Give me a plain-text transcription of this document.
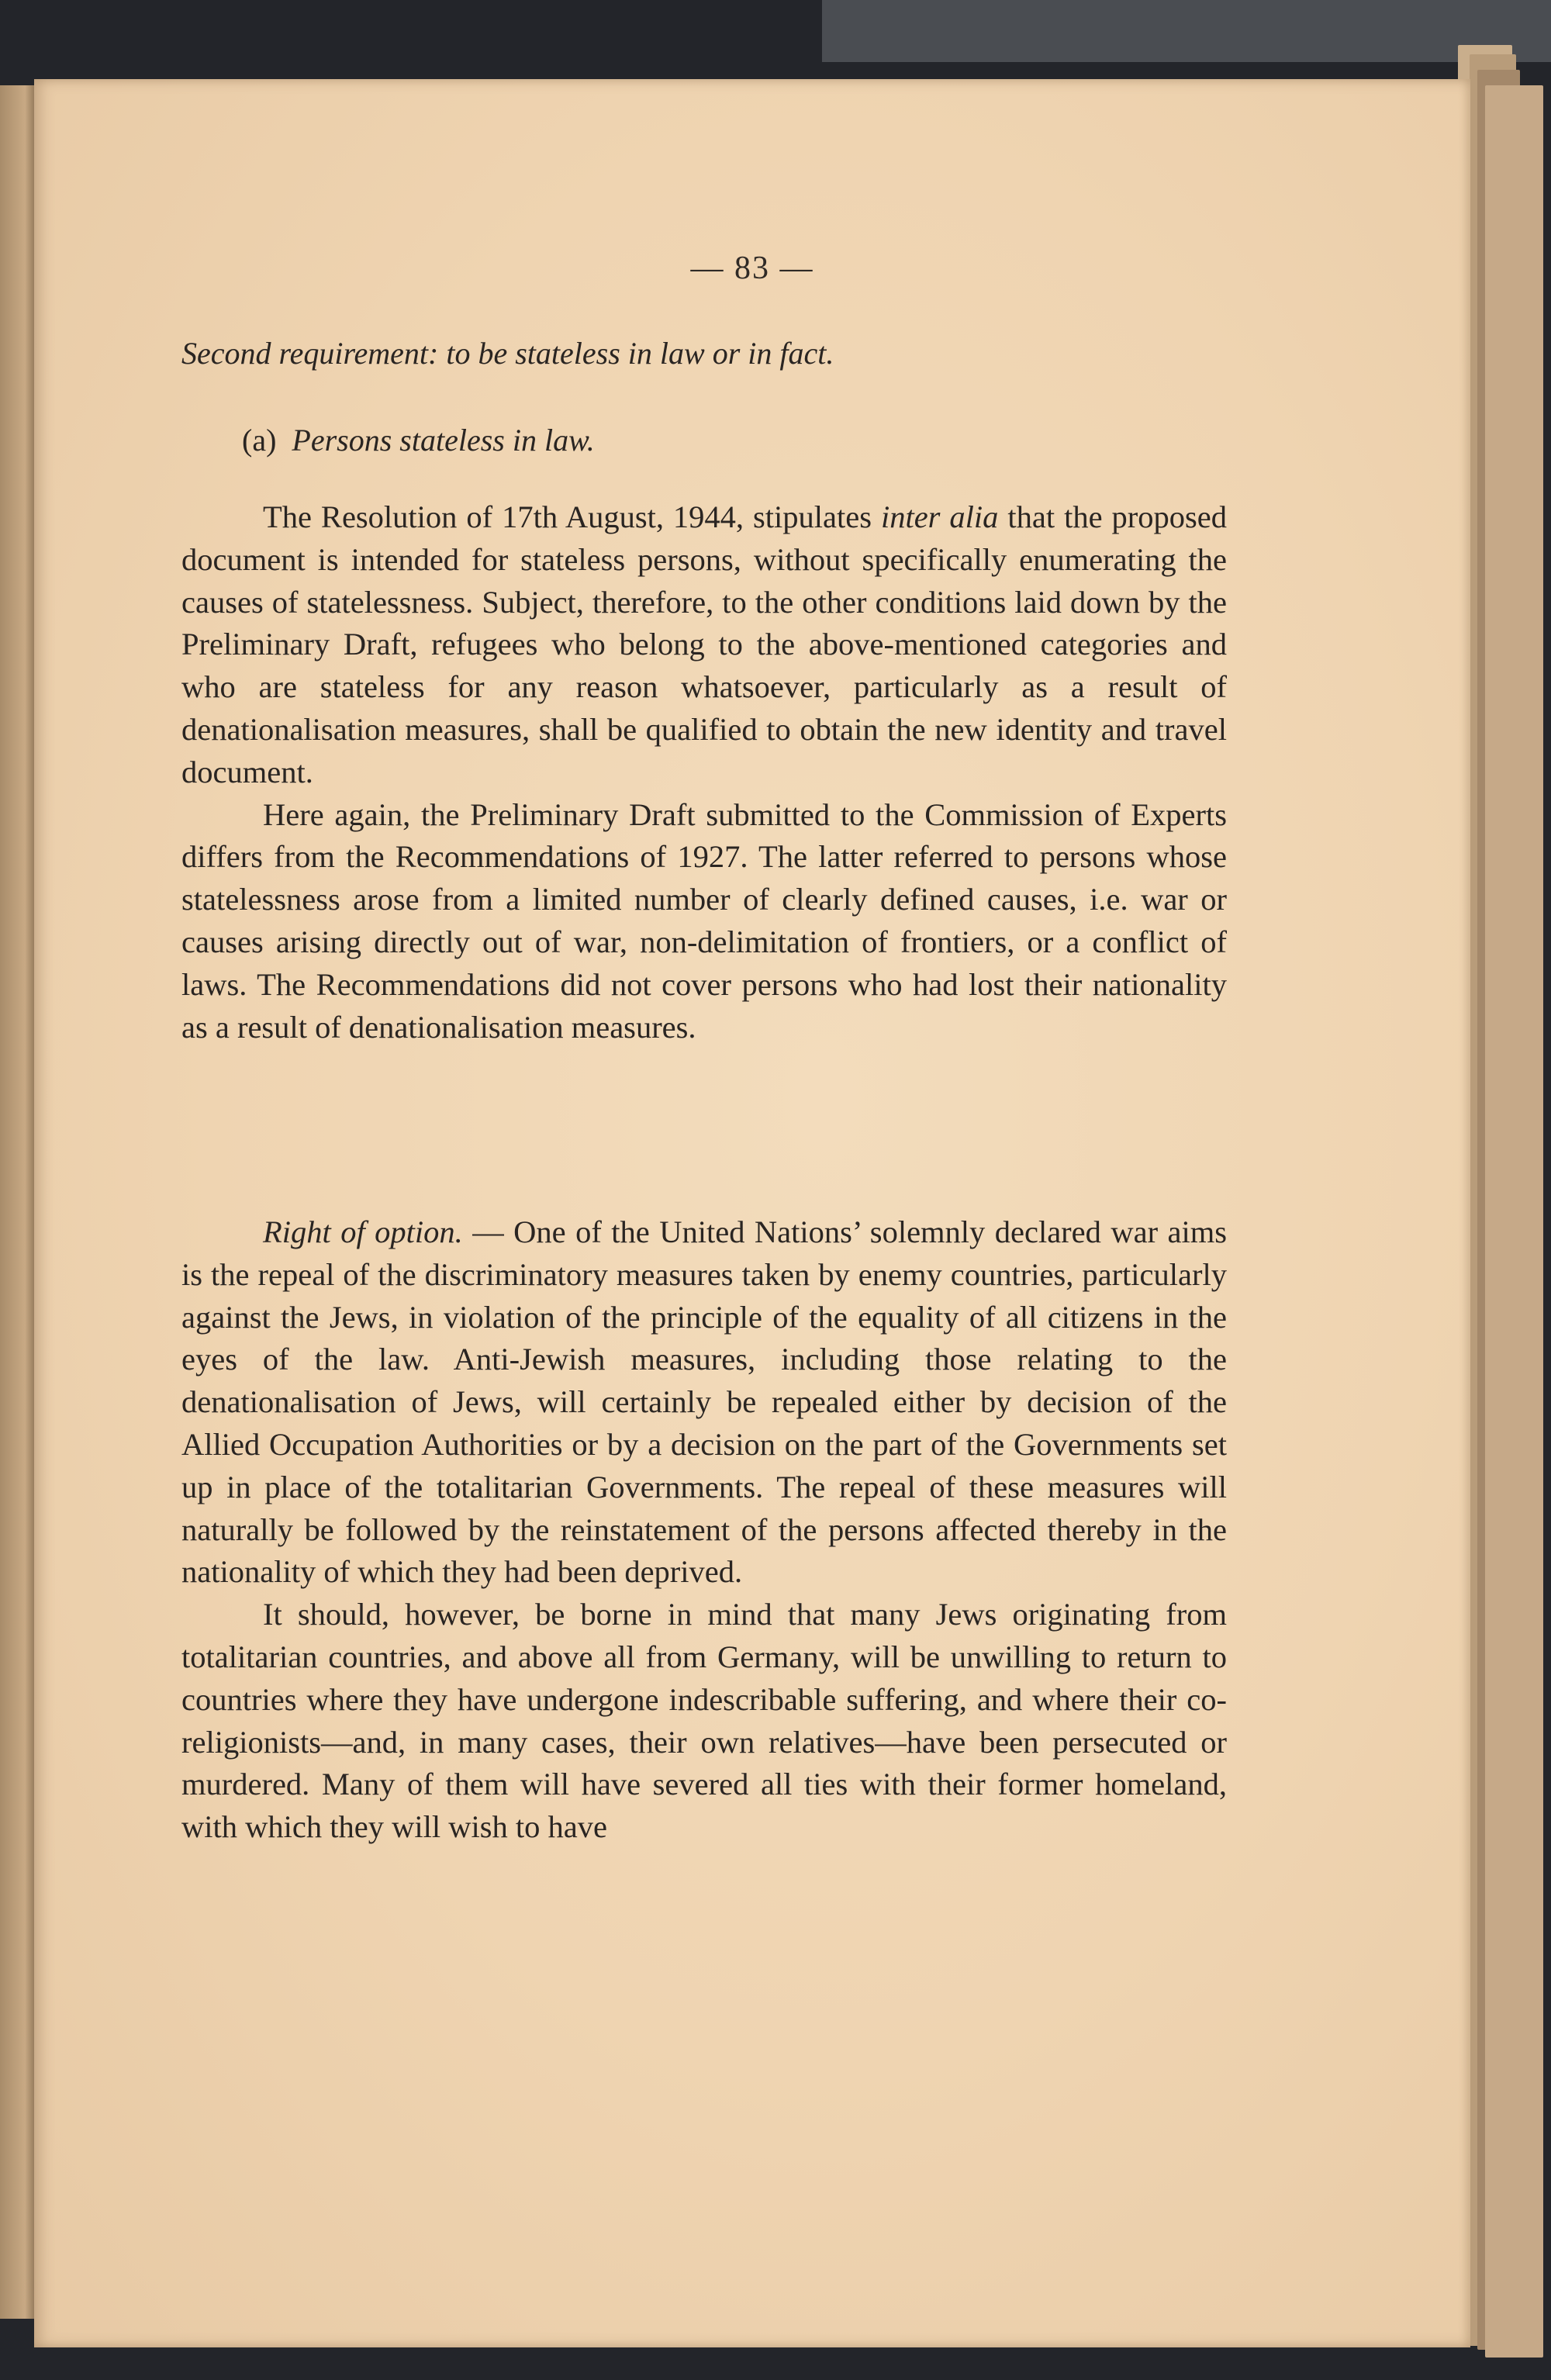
— 83 —
Second requirement: to be stateless in law or in fact.
(a) Persons stateless in law.

The Resolution of 17th August, 1944, stipulates inter alia that the proposed document is intended for stateless persons, without specifically enumerating the causes of statelessness. Subject, therefore, to the other conditions laid down by the Preliminary Draft, refugees who belong to the above-mentioned categories and who are stateless for any reason whatsoever, particularly as a result of denationalisation measures, shall be qualified to obtain the new identity and travel document.

Here again, the Preliminary Draft submitted to the Commission of Experts differs from the Recommendations of 1927. The latter referred to persons whose statelessness arose from a limited number of clearly defined causes, i.e. war or causes arising directly out of war, non-delimitation of frontiers, or a conflict of laws. The Recommendations did not cover persons who had lost their nationality as a result of denationalisation measures.

Right of option. — One of the United Nations’ solemnly declared war aims is the repeal of the discriminatory measures taken by enemy countries, particularly against the Jews, in violation of the principle of the equality of all citizens in the eyes of the law. Anti-Jewish measures, including those relating to the denationalisation of Jews, will certainly be repealed either by decision of the Allied Occupation Authorities or by a decision on the part of the Governments set up in place of the totalitarian Governments. The repeal of these measures will naturally be followed by the reinstatement of the persons affected thereby in the nationality of which they had been deprived.

It should, however, be borne in mind that many Jews originating from totalitarian countries, and above all from Germany, will be unwilling to return to countries where they have undergone indescribable suffering, and where their coreligionists—and, in many cases, their own relatives—have been persecuted or murdered. Many of them will have severed all ties with their former homeland, with which they will wish to have
